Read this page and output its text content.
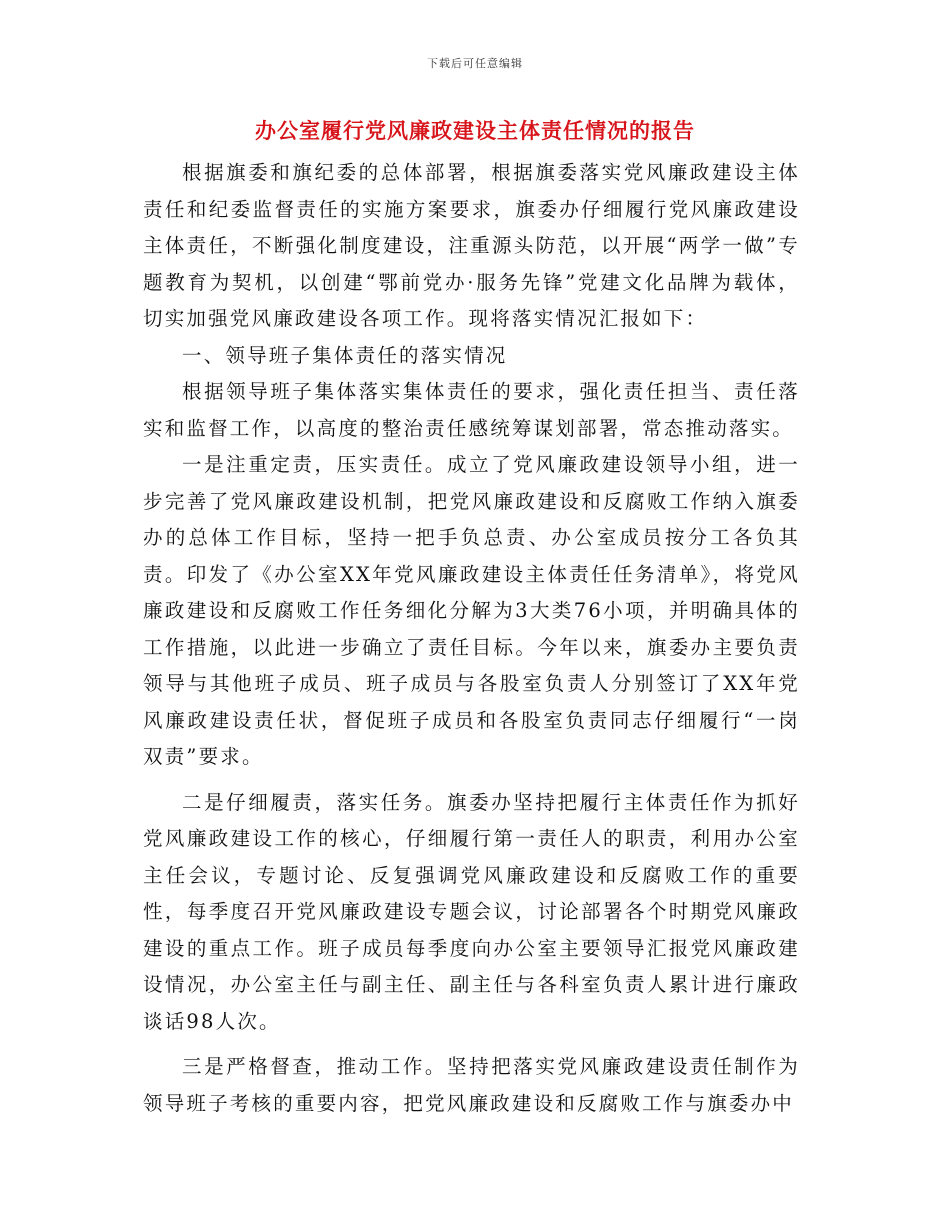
下载后可任意编辑
办公室履行党风廉政建设主体责任情况的报告

根据旗委和旗纪委的总体部署，根据旗委落实党风廉政建设主体责任和纪委监督责任的实施方案要求，旗委办仔细履行党风廉政建设主体责任，不断强化制度建设，注重源头防范，以开展“两学一做”专题教育为契机，以创建“鄂前党办·服务先锋”党建文化品牌为载体，切实加强党风廉政建设各项工作。现将落实情况汇报如下：

一、领导班子集体责任的落实情况

根据领导班子集体落实集体责任的要求，强化责任担当、责任落实和监督工作，以高度的整治责任感统筹谋划部署，常态推动落实。

一是注重定责，压实责任。成立了党风廉政建设领导小组，进一步完善了党风廉政建设机制，把党风廉政建设和反腐败工作纳入旗委办的总体工作目标，坚持一把手负总责、办公室成员按分工各负其责。印发了《办公室XX年党风廉政建设主体责任任务清单》，将党风廉政建设和反腐败工作任务细化分解为3大类76小项，并明确具体的工作措施，以此进一步确立了责任目标。今年以来，旗委办主要负责领导与其他班子成员、班子成员与各股室负责人分别签订了XX年党风廉政建设责任状，督促班子成员和各股室负责同志仔细履行“一岗双责”要求。

二是仔细履责，落实任务。旗委办坚持把履行主体责任作为抓好党风廉政建设工作的核心，仔细履行第一责任人的职责，利用办公室主任会议，专题讨论、反复强调党风廉政建设和反腐败工作的重要性，每季度召开党风廉政建设专题会议，讨论部署各个时期党风廉政建设的重点工作。班子成员每季度向办公室主要领导汇报党风廉政建设情况，办公室主任与副主任、副主任与各科室负责人累计进行廉政谈话98人次。

三是严格督查，推动工作。坚持把落实党风廉政建设责任制作为领导班子考核的重要内容，把党风廉政建设和反腐败工作与旗委办中
